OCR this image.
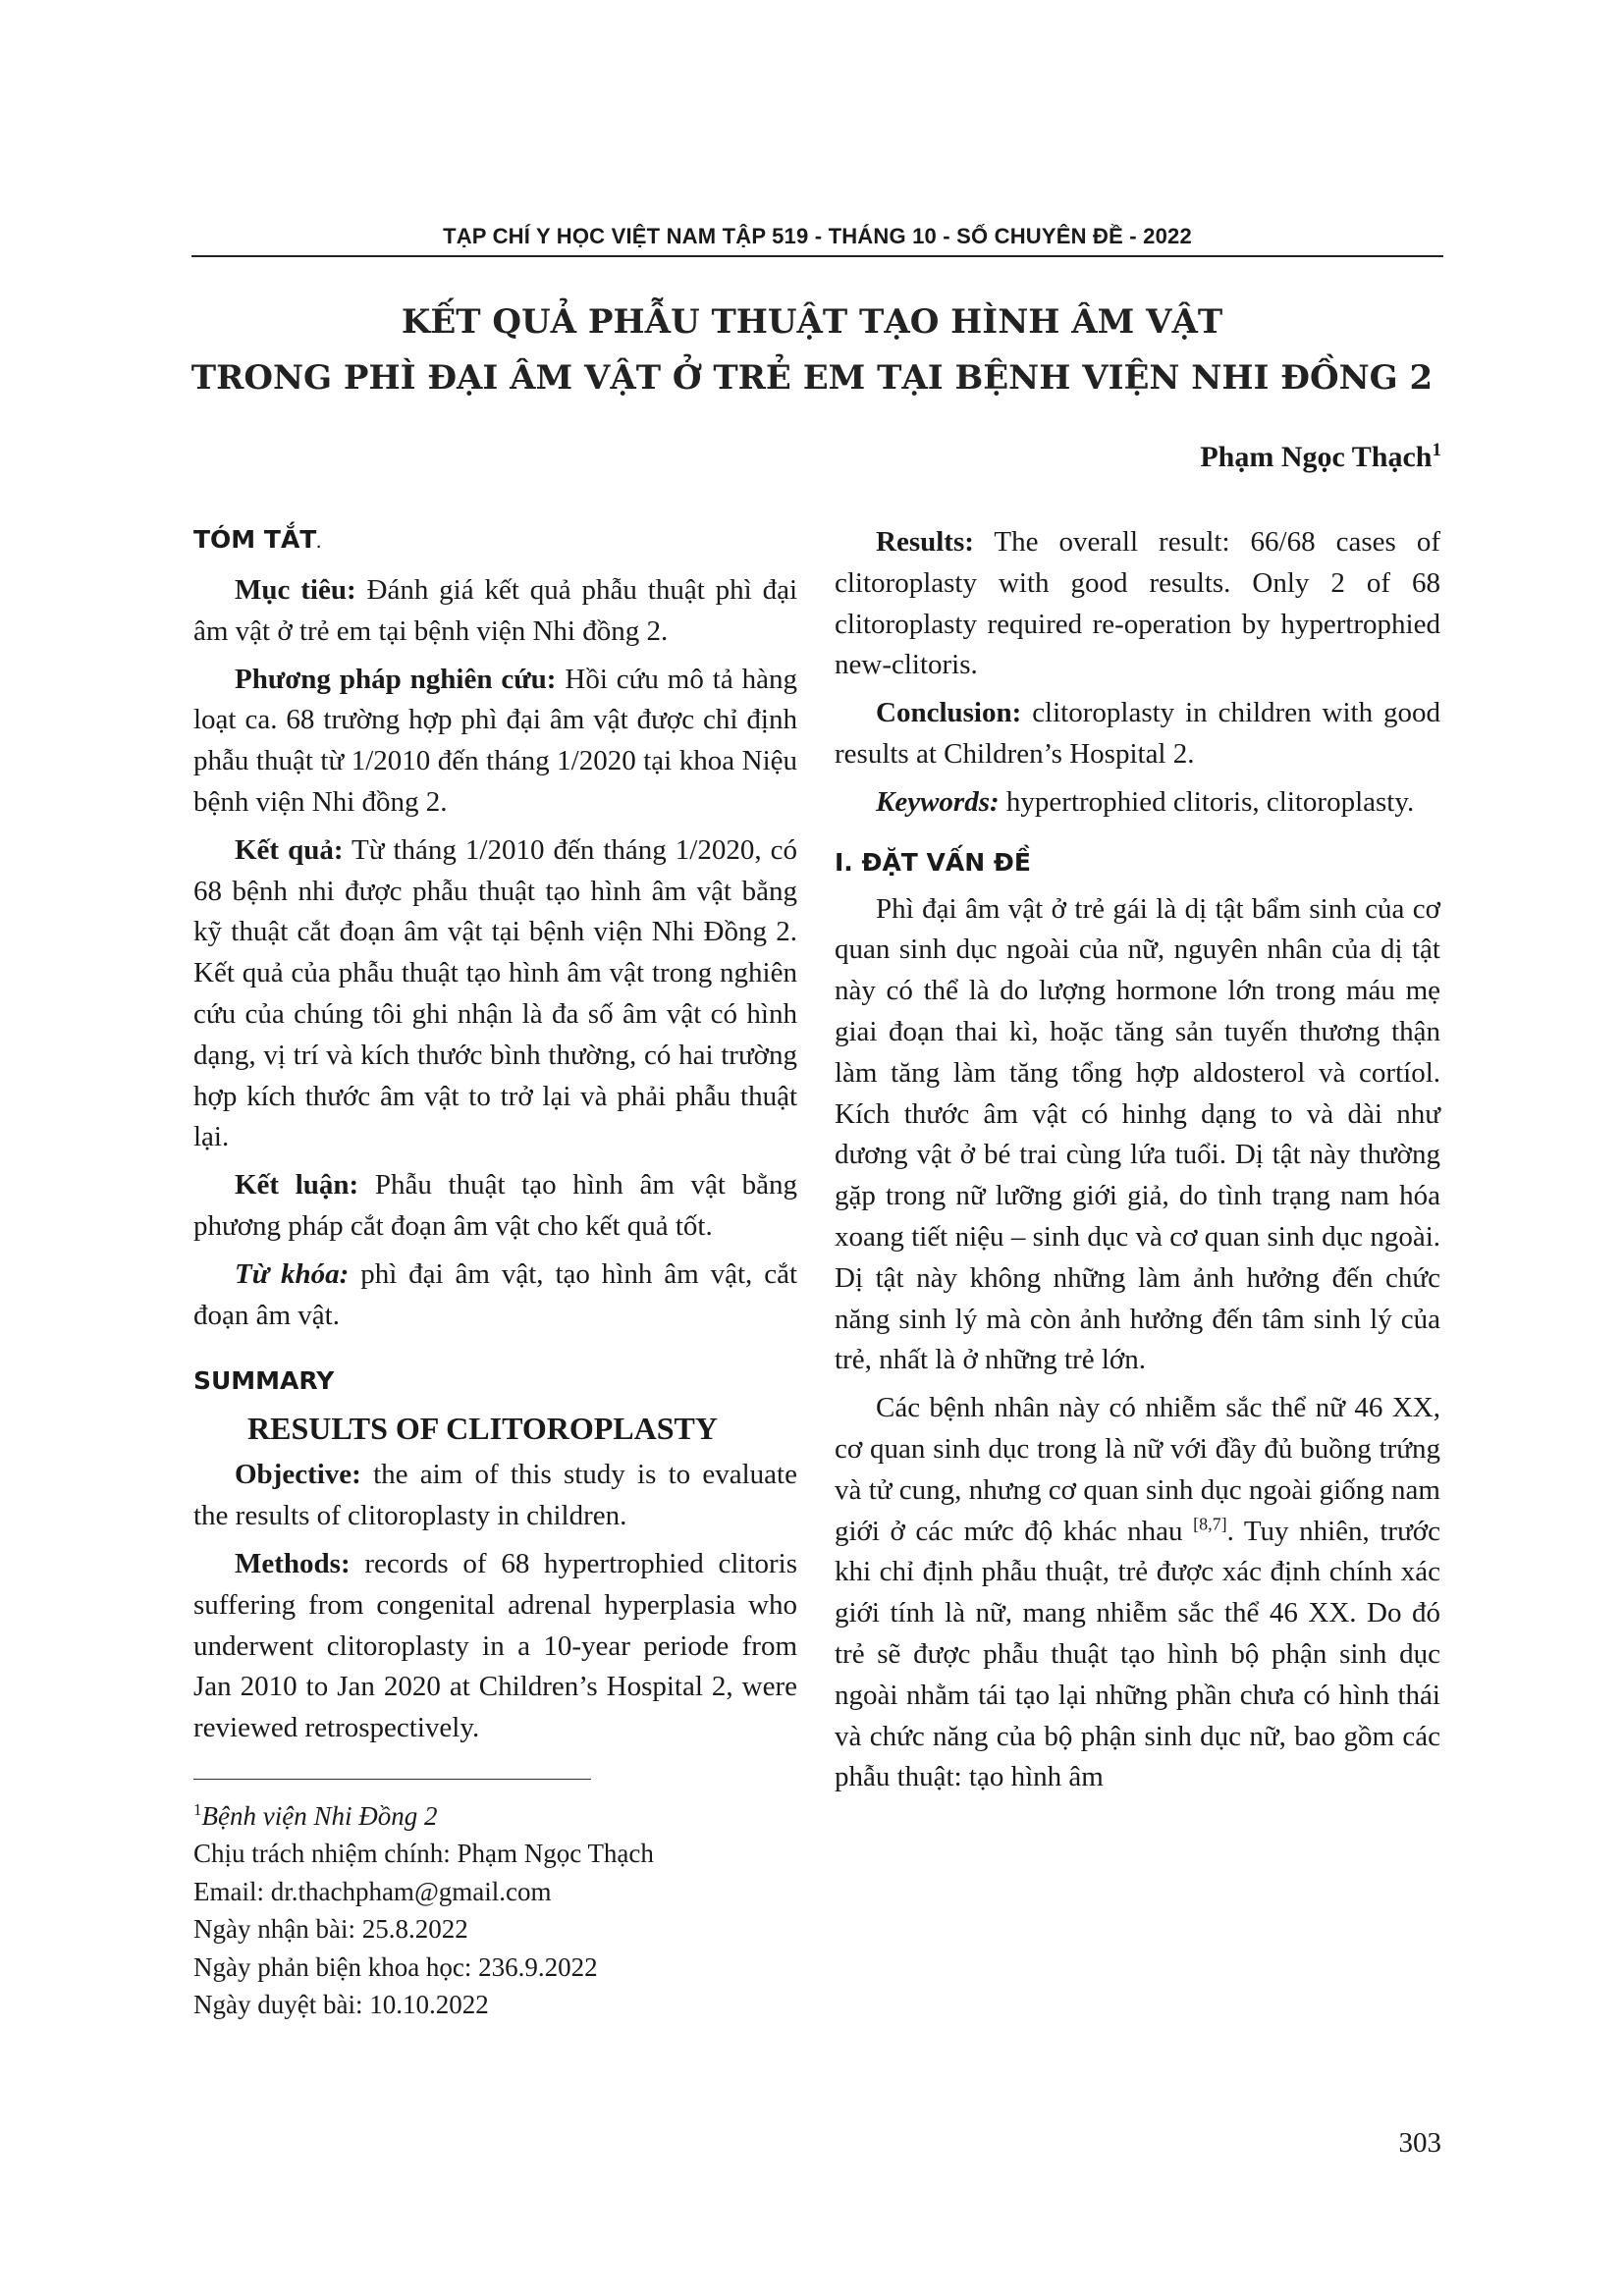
TẠP CHÍ Y HỌC VIỆT NAM TẬP 519 - THÁNG 10 - SỐ CHUYÊN ĐỀ - 2022
KẾT QUẢ PHẪU THUẬT TẠO HÌNH ÂM VẬT
TRONG PHÌ ĐẠI ÂM VẬT Ở TRẺ EM TẠI BỆNH VIỆN NHI ĐỒNG 2
Phạm Ngọc Thạch$^1$
TÓM TẮT.

Mục tiêu: Đánh giá kết quả phẫu thuật phì đại âm vật ở trẻ em tại bệnh viện Nhi đồng 2.

Phương pháp nghiên cứu: Hồi cứu mô tả hàng loạt ca. 68 trường hợp phì đại âm vật được chỉ định phẫu thuật từ 1/2010 đến tháng 1/2020 tại khoa Niệu bệnh viện Nhi đồng 2.

Kết quả: Từ tháng 1/2010 đến tháng 1/2020, có 68 bệnh nhi được phẫu thuật tạo hình âm vật bằng kỹ thuật cắt đoạn âm vật tại bệnh viện Nhi Đồng 2. Kết quả của phẫu thuật tạo hình âm vật trong nghiên cứu của chúng tôi ghi nhận là đa số âm vật có hình dạng, vị trí và kích thước bình thường, có hai trường hợp kích thước âm vật to trở lại và phải phẫu thuật lại.

Kết luận: Phẫu thuật tạo hình âm vật bằng phương pháp cắt đoạn âm vật cho kết quả tốt.

Từ khóa: phì đại âm vật, tạo hình âm vật, cắt đoạn âm vật.

SUMMARY
RESULTS OF CLITOROPLASTY

Objective: the aim of this study is to evaluate the results of clitoroplasty in children.

Methods: records of 68 hypertrophied clitoris suffering from congenital adrenal hyperplasia who underwent clitoroplasty in a 10-year periode from Jan 2010 to Jan 2020 at Children’s Hospital 2, were reviewed retrospectively.

$^1$Bệnh viện Nhi Đồng 2
Chịu trách nhiệm chính: Phạm Ngọc Thạch
Email: dr.thachpham@gmail.com
Ngày nhận bài: 25.8.2022
Ngày phản biện khoa học: 236.9.2022
Ngày duyệt bài: 10.10.2022

Results: The overall result: 66/68 cases of clitoroplasty with good results. Only 2 of 68 clitoroplasty required re-operation by hypertrophied new-clitoris.

Conclusion: clitoroplasty in children with good results at Children’s Hospital 2.

Keywords: hypertrophied clitoris, clitoroplasty.

I. ĐẶT VẤN ĐỀ

Phì đại âm vật ở trẻ gái là dị tật bẩm sinh của cơ quan sinh dục ngoài của nữ, nguyên nhân của dị tật này có thể là do lượng hormone lớn trong máu mẹ giai đoạn thai kì, hoặc tăng sản tuyến thương thận làm tăng làm tăng tổng hợp aldosterol và cortíol. Kích thước âm vật có hinhg dạng to và dài như dương vật ở bé trai cùng lứa tuổi. Dị tật này thường gặp trong nữ lưỡng giới giả, do tình trạng nam hóa xoang tiết niệu – sinh dục và cơ quan sinh dục ngoài. Dị tật này không những làm ảnh hưởng đến chức năng sinh lý mà còn ảnh hưởng đến tâm sinh lý của trẻ, nhất là ở những trẻ lớn.

Các bệnh nhân này có nhiễm sắc thể nữ 46 XX, cơ quan sinh dục trong là nữ với đầy đủ buồng trứng và tử cung, nhưng cơ quan sinh dục ngoài giống nam giới ở các mức độ khác nhau [8,7]. Tuy nhiên, trước khi chỉ định phẫu thuật, trẻ được xác định chính xác giới tính là nữ, mang nhiễm sắc thể 46 XX. Do đó trẻ sẽ được phẫu thuật tạo hình bộ phận sinh dục ngoài nhằm tái tạo lại những phần chưa có hình thái và chức năng của bộ phận sinh dục nữ, bao gồm các phẫu thuật: tạo hình âm

303
